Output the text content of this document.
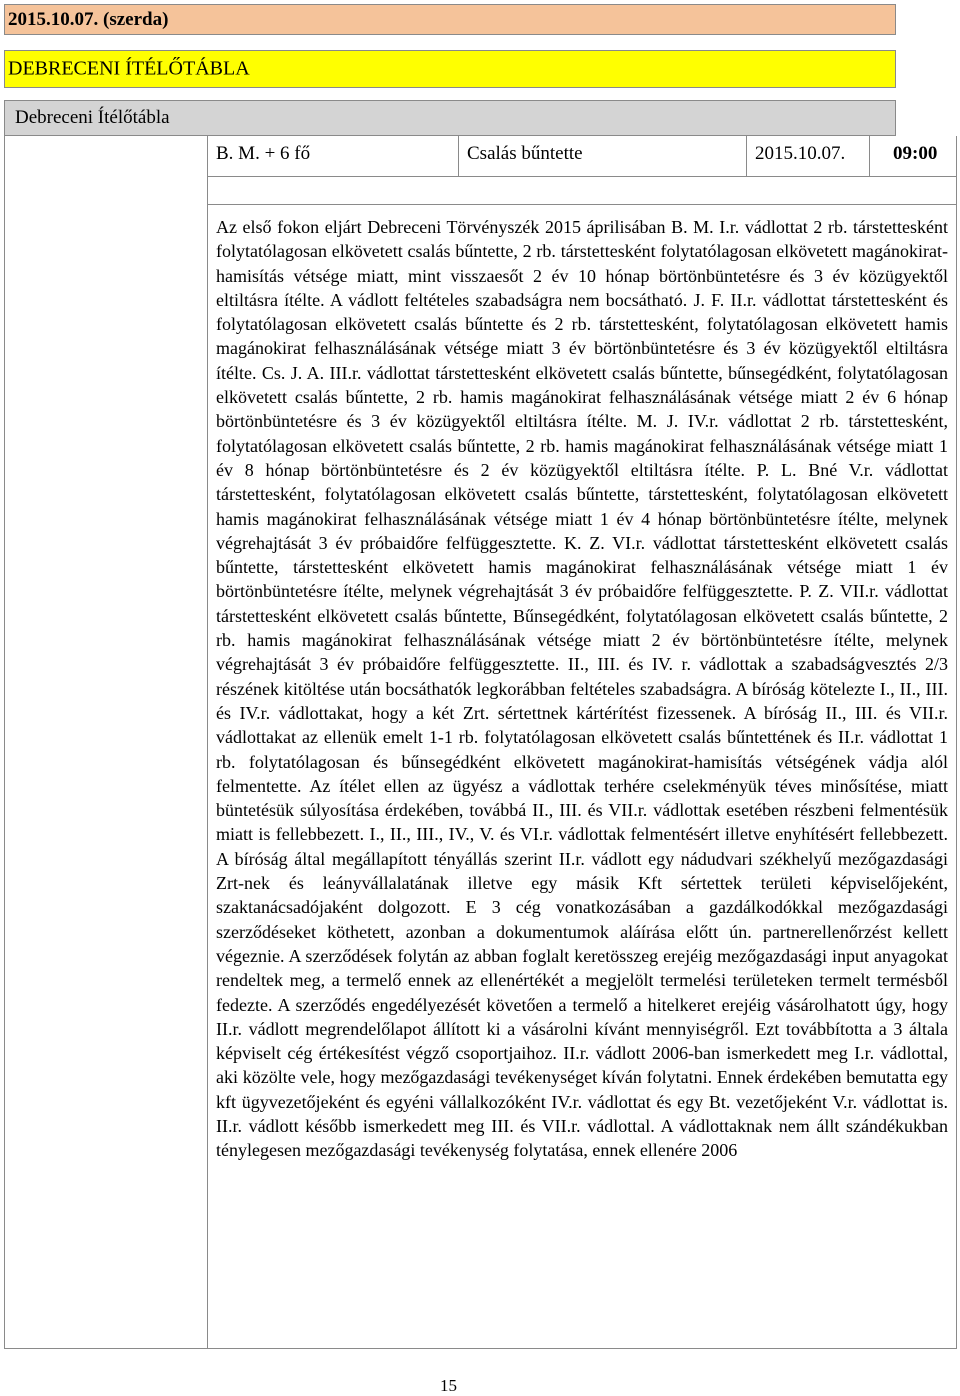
2015.10.07. (szerda)
DEBRECENI ÍTÉLŐTÁBLA
Debreceni Ítélőtábla
B. M. + 6 fő	Csalás bűntette	2015.10.07.	09:00

Az első fokon eljárt Debreceni Törvényszék 2015 áprilisában B. M. I.r. vádlottat 2 rb. társtettesként folytatólagosan elkövetett csalás bűntette, 2 rb. társtettesként folytatólagosan elkövetett magánokirat-hamisítás vétsége miatt, mint visszaesőt 2 év 10 hónap börtönbüntetésre és 3 év közügyektől eltiltásra ítélte. A vádlott feltételes szabadságra nem bocsátható. J. F. II.r. vádlottat társtettesként és folytatólagosan elkövetett csalás bűntette és 2 rb. társtettesként, folytatólagosan elkövetett hamis magánokirat felhasználásának vétsége miatt 3 év börtönbüntetésre és 3 év közügyektől eltiltásra ítélte. Cs. J. A. III.r. vádlottat társtettesként elkövetett csalás bűntette, bűnsegédként, folytatólagosan elkövetett csalás bűntette, 2 rb. hamis magánokirat felhasználásának vétsége miatt 2 év 6 hónap börtönbüntetésre és 3 év közügyektől eltiltásra ítélte. M. J. IV.r. vádlottat 2 rb. társtettesként, folytatólagosan elkövetett csalás bűntette, 2 rb. hamis magánokirat felhasználásának vétsége miatt 1 év 8 hónap börtönbüntetésre és 2 év közügyektől eltiltásra ítélte. P. L. Bné V.r. vádlottat társtettesként, folytatólagosan elkövetett csalás bűntette, társtettesként, folytatólagosan elkövetett hamis magánokirat felhasználásának vétsége miatt 1 év 4 hónap börtönbüntetésre ítélte, melynek végrehajtását 3 év próbaidőre felfüggesztette. K. Z. VI.r. vádlottat társtettesként elkövetett csalás bűntette, társtettesként elkövetett hamis magánokirat felhasználásának vétsége miatt 1 év börtönbüntetésre ítélte, melynek végrehajtását 3 év próbaidőre felfüggesztette. P. Z. VII.r. vádlottat társtettesként elkövetett csalás bűntette, Bűnsegédként, folytatólagosan elkövetett csalás bűntette, 2 rb. hamis magánokirat felhasználásának vétsége miatt 2 év börtönbüntetésre ítélte, melynek végrehajtását 3 év próbaidőre felfüggesztette. II., III. és IV. r. vádlottak a szabadságvesztés 2/3 részének kitöltése után bocsáthatók legkorábban feltételes szabadságra. A bíróság kötelezte I., II., III. és IV.r. vádlottakat, hogy a két Zrt. sértettnek kártérítést fizessenek. A bíróság II., III. és VII.r. vádlottakat az ellenük emelt 1-1 rb. folytatólagosan elkövetett csalás bűntettének és II.r. vádlottat 1 rb. folytatólagosan és bűnsegédként elkövetett magánokirat-hamisítás vétségének vádja alól felmentette. Az ítélet ellen az ügyész a vádlottak terhére cselekményük téves minősítése, miatt büntetésük súlyosítása érdekében, továbbá II., III. és VII.r. vádlottak esetében részbeni felmentésük miatt is fellebbezett. I., II., III., IV., V. és VI.r. vádlottak felmentésért illetve enyhítésért fellebbezett. A bíróság által megállapított tényállás szerint II.r. vádlott egy nádudvari székhelyű mezőgazdasági Zrt-nek és leányvállalatának illetve egy másik Kft sértettek területi képviselőjeként, szaktanácsadójaként dolgozott. E 3 cég vonatkozásában a gazdálkodókkal mezőgazdasági szerződéseket köthetett, azonban a dokumentumok aláírása előtt ún. partnerellenőrzést kellett végeznie. A szerződések folytán az abban foglalt keretösszeg erejéig mezőgazdasági input anyagokat rendeltek meg, a termelő ennek az ellenértékét a megjelölt termelési területeken termelt termésből fedezte. A szerződés engedélyezését követően a termelő a hitelkeret erejéig vásárolhatott úgy, hogy II.r. vádlott megrendelőlapot állított ki a vásárolni kívánt mennyiségről. Ezt továbbította a 3 általa képviselt cég értékesítést végző csoportjaihoz. II.r. vádlott 2006-ban ismerkedett meg I.r. vádlottal, aki közölte vele, hogy mezőgazdasági tevékenységet kíván folytatni. Ennek érdekében bemutatta egy kft ügyvezetőjeként és egyéni vállalkozóként IV.r. vádlottat és egy Bt. vezetőjeként V.r. vádlottat is. II.r. vádlott később ismerkedett meg III. és VII.r. vádlottal. A vádlottaknak nem állt szándékukban ténylegesen mezőgazdasági tevékenység folytatása, ennek ellenére 2006

15
